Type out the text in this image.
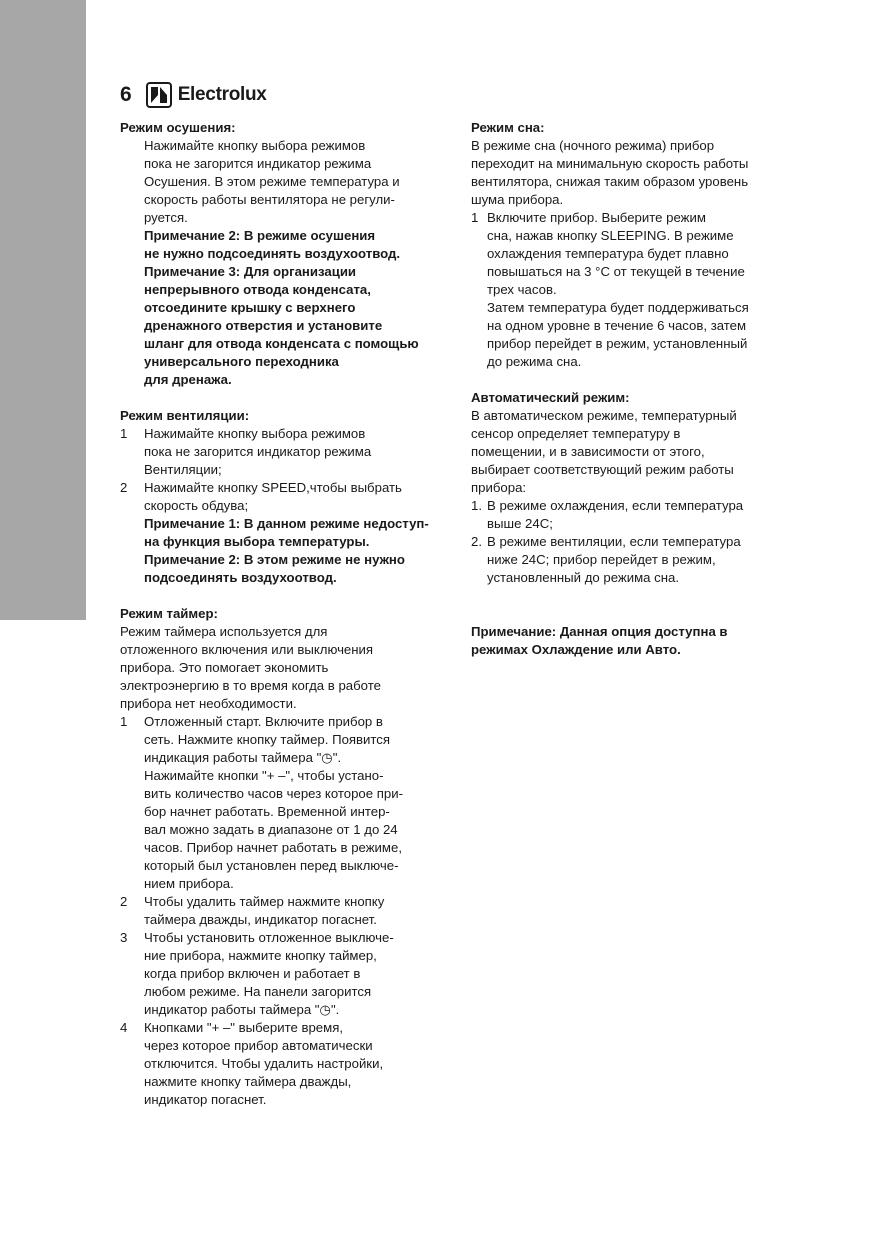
6 Electrolux
Режим осушения:
Нажимайте кнопку выбора режимов
пока не загорится индикатор режима
Осушения. В этом режиме температура и
скорость работы вентилятора не регули-
руется.
Примечание 2: В режиме осушения
не нужно подсоединять воздухоотвод.
Примечание 3: Для организации
непрерывного отвода конденсата,
отсоедините крышку с верхнего
дренажного отверстия и установите
шланг для отвода конденсата с помощью
универсального переходника
для дренажа.
Режим вентиляции:
1	Нажимайте кнопку выбора режимов
пока не загорится индикатор режима
Вентиляции;
2	Нажимайте кнопку SPEED,чтобы выбрать
скорость обдува;
Примечание 1: В данном режиме недоступ-
на функция выбора температуры.
Примечание 2: В этом режиме не нужно
подсоединять воздухоотвод.
Режим таймер:
Режим таймера используется для
отложенного включения или выключения
прибора. Это помогает экономить
электроэнергию в то время когда в работе
прибора нет необходимости.
1	Отложенный старт. Включите прибор в
сеть. Нажмите кнопку таймер. Появится
индикация работы таймера "◷".
Нажимайте кнопки "+ –", чтобы устано-
вить количество часов через которое при-
бор начнет работать. Временной интер-
вал можно задать в диапазоне от 1 до 24
часов. Прибор начнет работать в режиме,
который был установлен перед выключе-
нием прибора.
2	Чтобы удалить таймер нажмите кнопку
таймера дважды, индикатор погаснет.
3	Чтобы установить отложенное выключе-
ние прибора, нажмите кнопку таймер,
когда прибор включен и работает в
любом режиме. На панели загорится
индикатор работы таймера "◷".
4	Кнопками "+ –" выберите время,
через которое прибор автоматически
отключится. Чтобы удалить настройки,
нажмите кнопку таймера дважды,
индикатор погаснет.
Режим сна:
В режиме сна (ночного режима) прибор
переходит на минимальную скорость работы
вентилятора, снижая таким образом уровень
шума прибора.
1 Включите прибор. Выберите режим
сна, нажав кнопку SLEEPING. В режиме
охлаждения температура будет плавно
повышаться на 3 °С от текущей в течение
трех часов.
Затем температура будет поддерживаться
на одном уровне в течение 6 часов, затем
прибор перейдет в режим, установленный
до режима сна.
Автоматический режим:
В автоматическом режиме, температурный
сенсор определяет температуру в
помещении, и в зависимости от этого,
выбирает соответствующий режим работы
прибора:
1. В режиме охлаждения, если температура
выше 24С;
2. В режиме вентиляции, если температура
ниже 24С; прибор перейдет в режим,
установленный до режима сна.
Примечание: Данная опция доступна в
режимах Охлаждение или Авто.
